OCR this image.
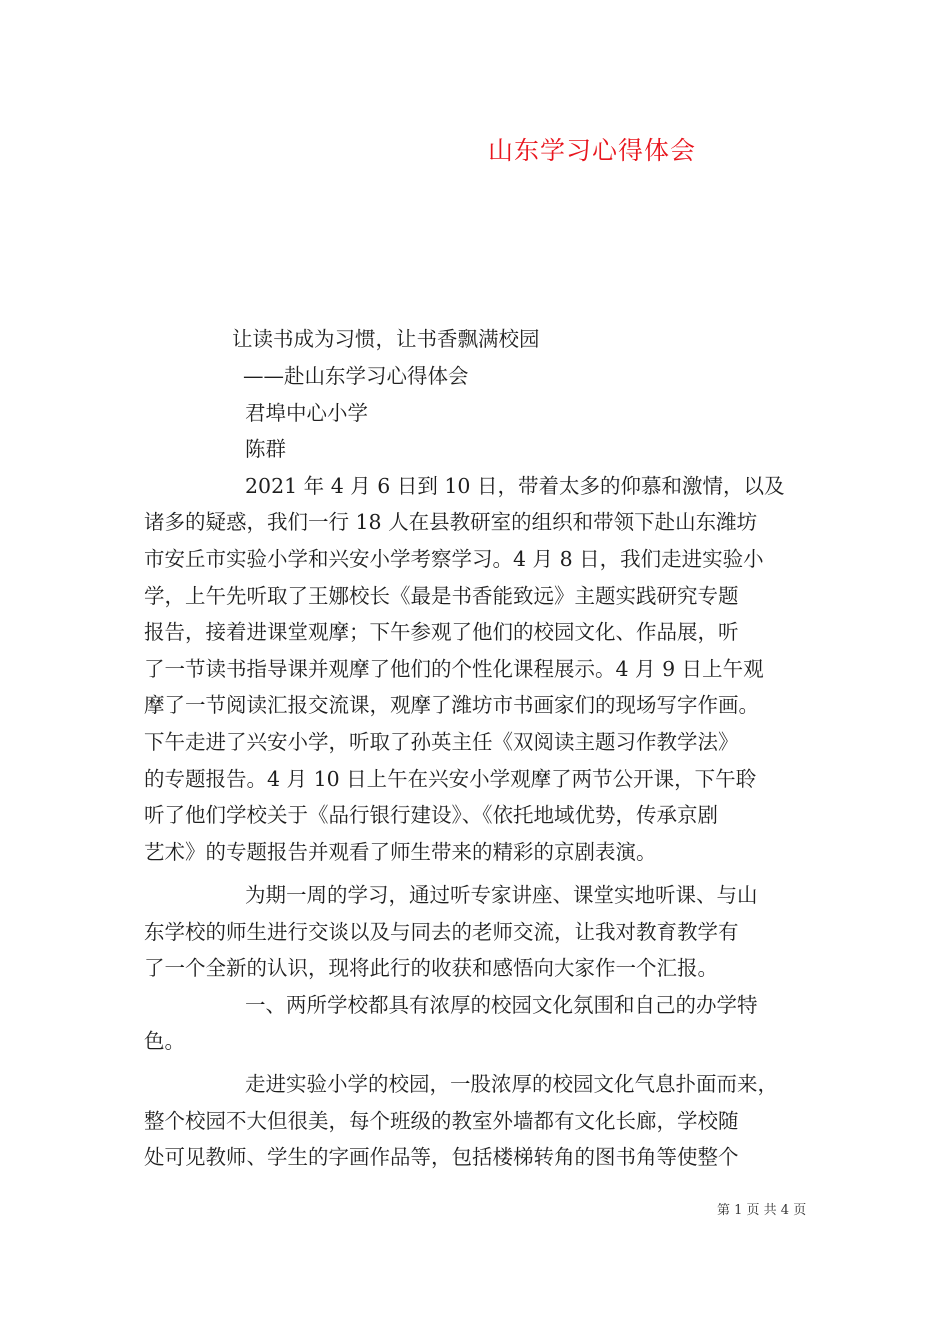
山东学习心得体会
让读书成为习惯，让书香飘满校园
——赴山东学习心得体会
君埠中心小学
陈群
2021 年 4 月 6 日到 10 日，带着太多的仰慕和激情，以及
诸多的疑惑，我们一行 18 人在县教研室的组织和带领下赴山东潍坊
市安丘市实验小学和兴安小学考察学习。4 月 8 日，我们走进实验小
学，上午先听取了王娜校长《最是书香能致远》主题实践研究专题
报告，接着进课堂观摩；下午参观了他们的校园文化、作品展，听
了一节读书指导课并观摩了他们的个性化课程展示。4 月 9 日上午观
摩了一节阅读汇报交流课，观摩了潍坊市书画家们的现场写字作画。
下午走进了兴安小学，听取了孙英主任《双阅读主题习作教学法》
的专题报告。4 月 10 日上午在兴安小学观摩了两节公开课，下午聆
听了他们学校关于《品行银行建设》、《依托地域优势，传承京剧
艺术》的专题报告并观看了师生带来的精彩的京剧表演。
为期一周的学习，通过听专家讲座、课堂实地听课、与山
东学校的师生进行交谈以及与同去的老师交流，让我对教育教学有
了一个全新的认识，现将此行的收获和感悟向大家作一个汇报。
一、两所学校都具有浓厚的校园文化氛围和自己的办学特
色。
走进实验小学的校园，一股浓厚的校园文化气息扑面而来，
整个校园不大但很美，每个班级的教室外墙都有文化长廊，学校随
处可见教师、学生的字画作品等，包括楼梯转角的图书角等使整个
第 1 页 共 4 页
